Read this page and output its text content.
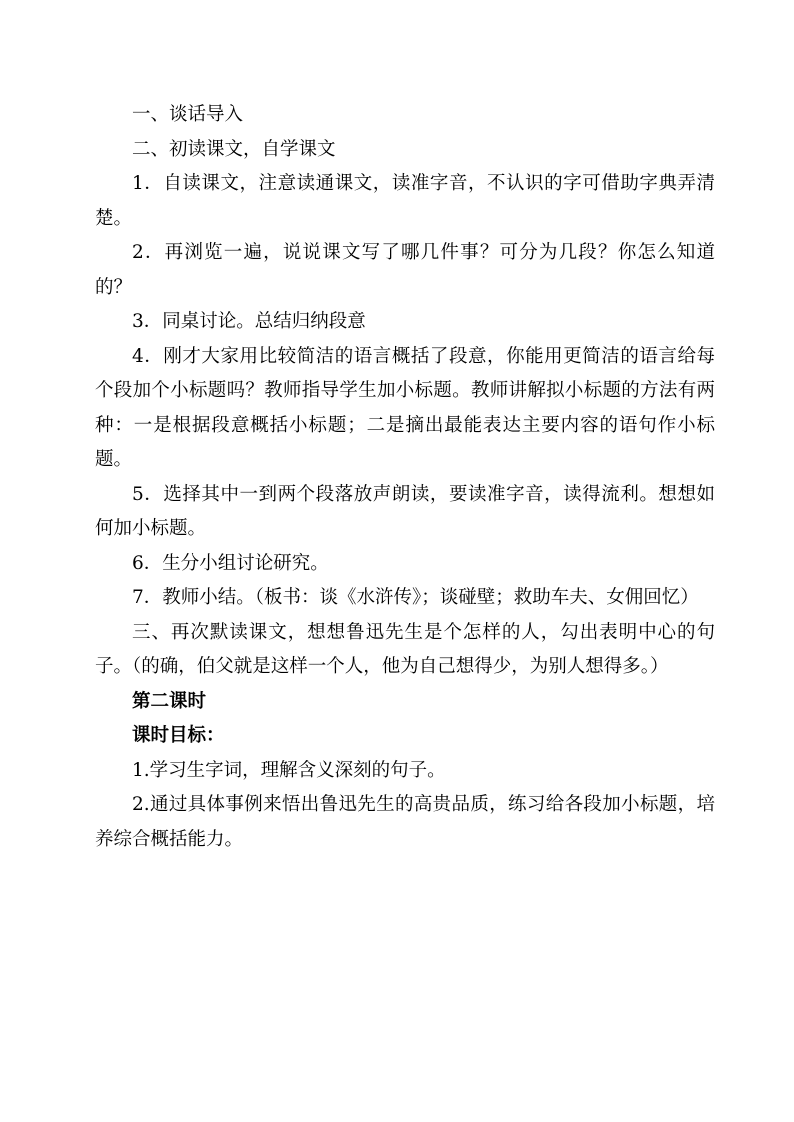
一、谈话导入

二、初读课文，自学课文

1．自读课文，注意读通课文，读准字音，不认识的字可借助字典弄清楚。

2．再浏览一遍，说说课文写了哪几件事？可分为几段？你怎么知道的？

3．同桌讨论。总结归纳段意

4．刚才大家用比较简洁的语言概括了段意，你能用更简洁的语言给每个段加个小标题吗？教师指导学生加小标题。教师讲解拟小标题的方法有两种：一是根据段意概括小标题；二是摘出最能表达主要内容的语句作小标题。

5．选择其中一到两个段落放声朗读，要读准字音，读得流利。想想如何加小标题。

6．生分小组讨论研究。

7．教师小结。（板书：谈《水浒传》；谈碰壁；救助车夫、女佣回忆）

三、再次默读课文，想想鲁迅先生是个怎样的人，勾出表明中心的句子。（的确，伯父就是这样一个人，他为自己想得少，为别人想得多。）

第二课时

课时目标：

1.学习生字词，理解含义深刻的句子。

2.通过具体事例来悟出鲁迅先生的高贵品质，练习给各段加小标题，培养综合概括能力。
